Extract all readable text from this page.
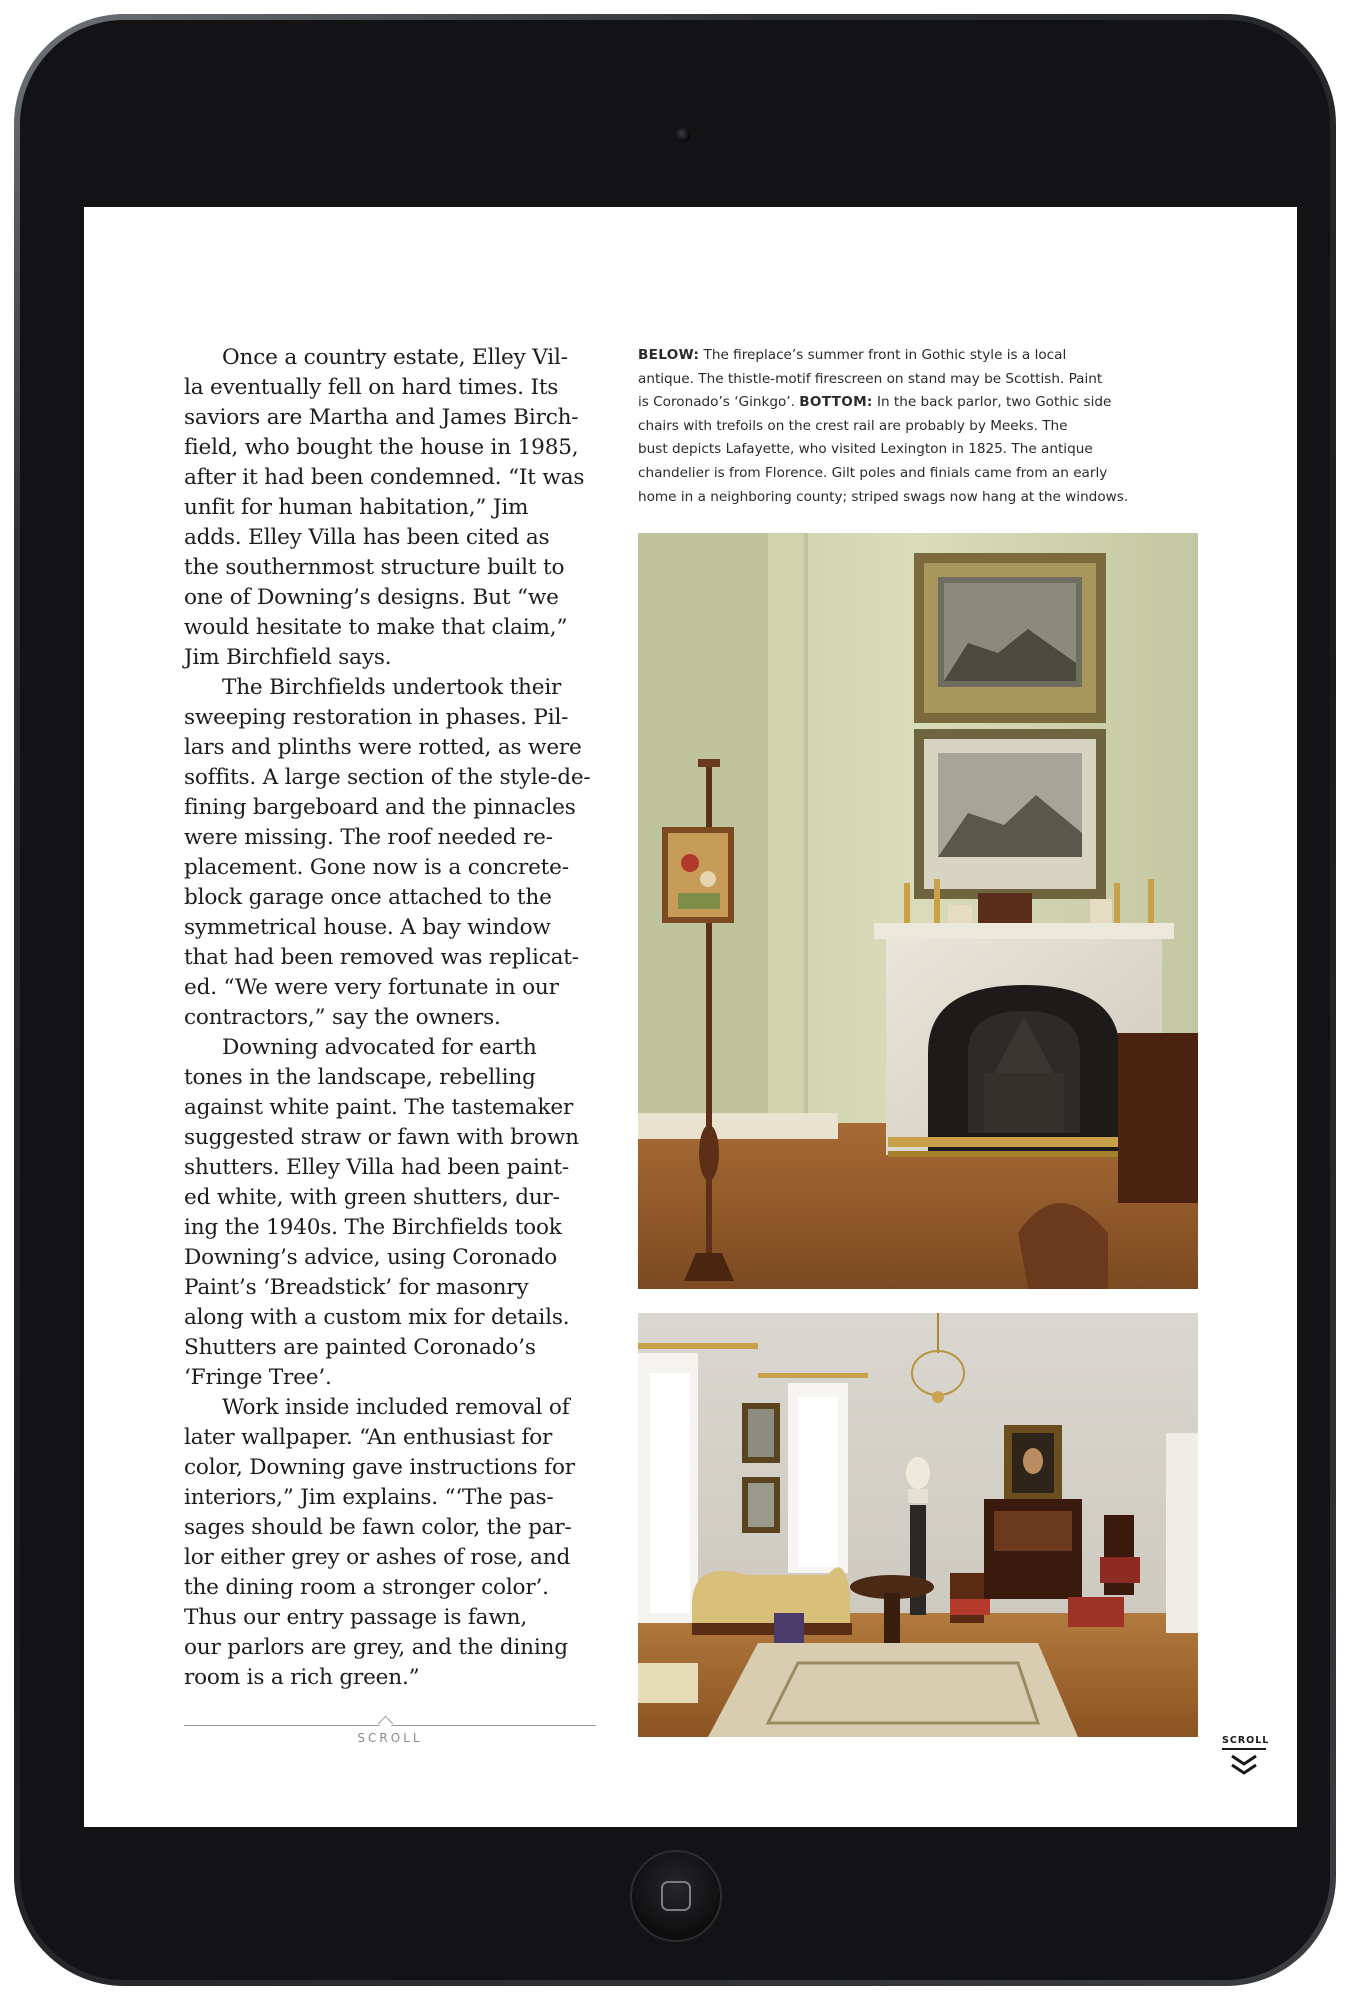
Once a country estate, Elley Vil-
la eventually fell on hard times. Its
saviors are Martha and James Birch-
field, who bought the house in 1985,
after it had been condemned. “It was
unfit for human habitation,” Jim
adds. Elley Villa has been cited as
the southernmost structure built to
one of Downing’s designs. But “we
would hesitate to make that claim,”
Jim Birchfield says.

The Birchfields undertook their
sweeping restoration in phases. Pil-
lars and plinths were rotted, as were
soffits. A large section of the style-de-
fining bargeboard and the pinnacles
were missing. The roof needed re-
placement. Gone now is a concrete-
block garage once attached to the
symmetrical house. A bay window
that had been removed was replicat-
ed. “We were very fortunate in our
contractors,” say the owners.

Downing advocated for earth
tones in the landscape, rebelling
against white paint. The tastemaker
suggested straw or fawn with brown
shutters. Elley Villa had been paint-
ed white, with green shutters, dur-
ing the 1940s. The Birchfields took
Downing’s advice, using Coronado
Paint’s ‘Breadstick’ for masonry
along with a custom mix for details.
Shutters are painted Coronado’s
‘Fringe Tree’.

Work inside included removal of
later wallpaper. “An enthusiast for
color, Downing gave instructions for
interiors,” Jim explains. “‘The pas-
sages should be fawn color, the par-
lor either grey or ashes of rose, and
the dining room a stronger color’.
Thus our entry passage is fawn,
our parlors are grey, and the dining
room is a rich green.”

SCROLL
BELOW: The fireplace’s summer front in Gothic style is a local
antique. The thistle-motif firescreen on stand may be Scottish. Paint
is Coronado’s ‘Ginkgo’. BOTTOM: In the back parlor, two Gothic side
chairs with trefoils on the crest rail are probably by Meeks. The
bust depicts Lafayette, who visited Lexington in 1825. The antique
chandelier is from Florence. Gilt poles and finials came from an early
home in a neighboring county; striped swags now hang at the windows.
SCROLL
